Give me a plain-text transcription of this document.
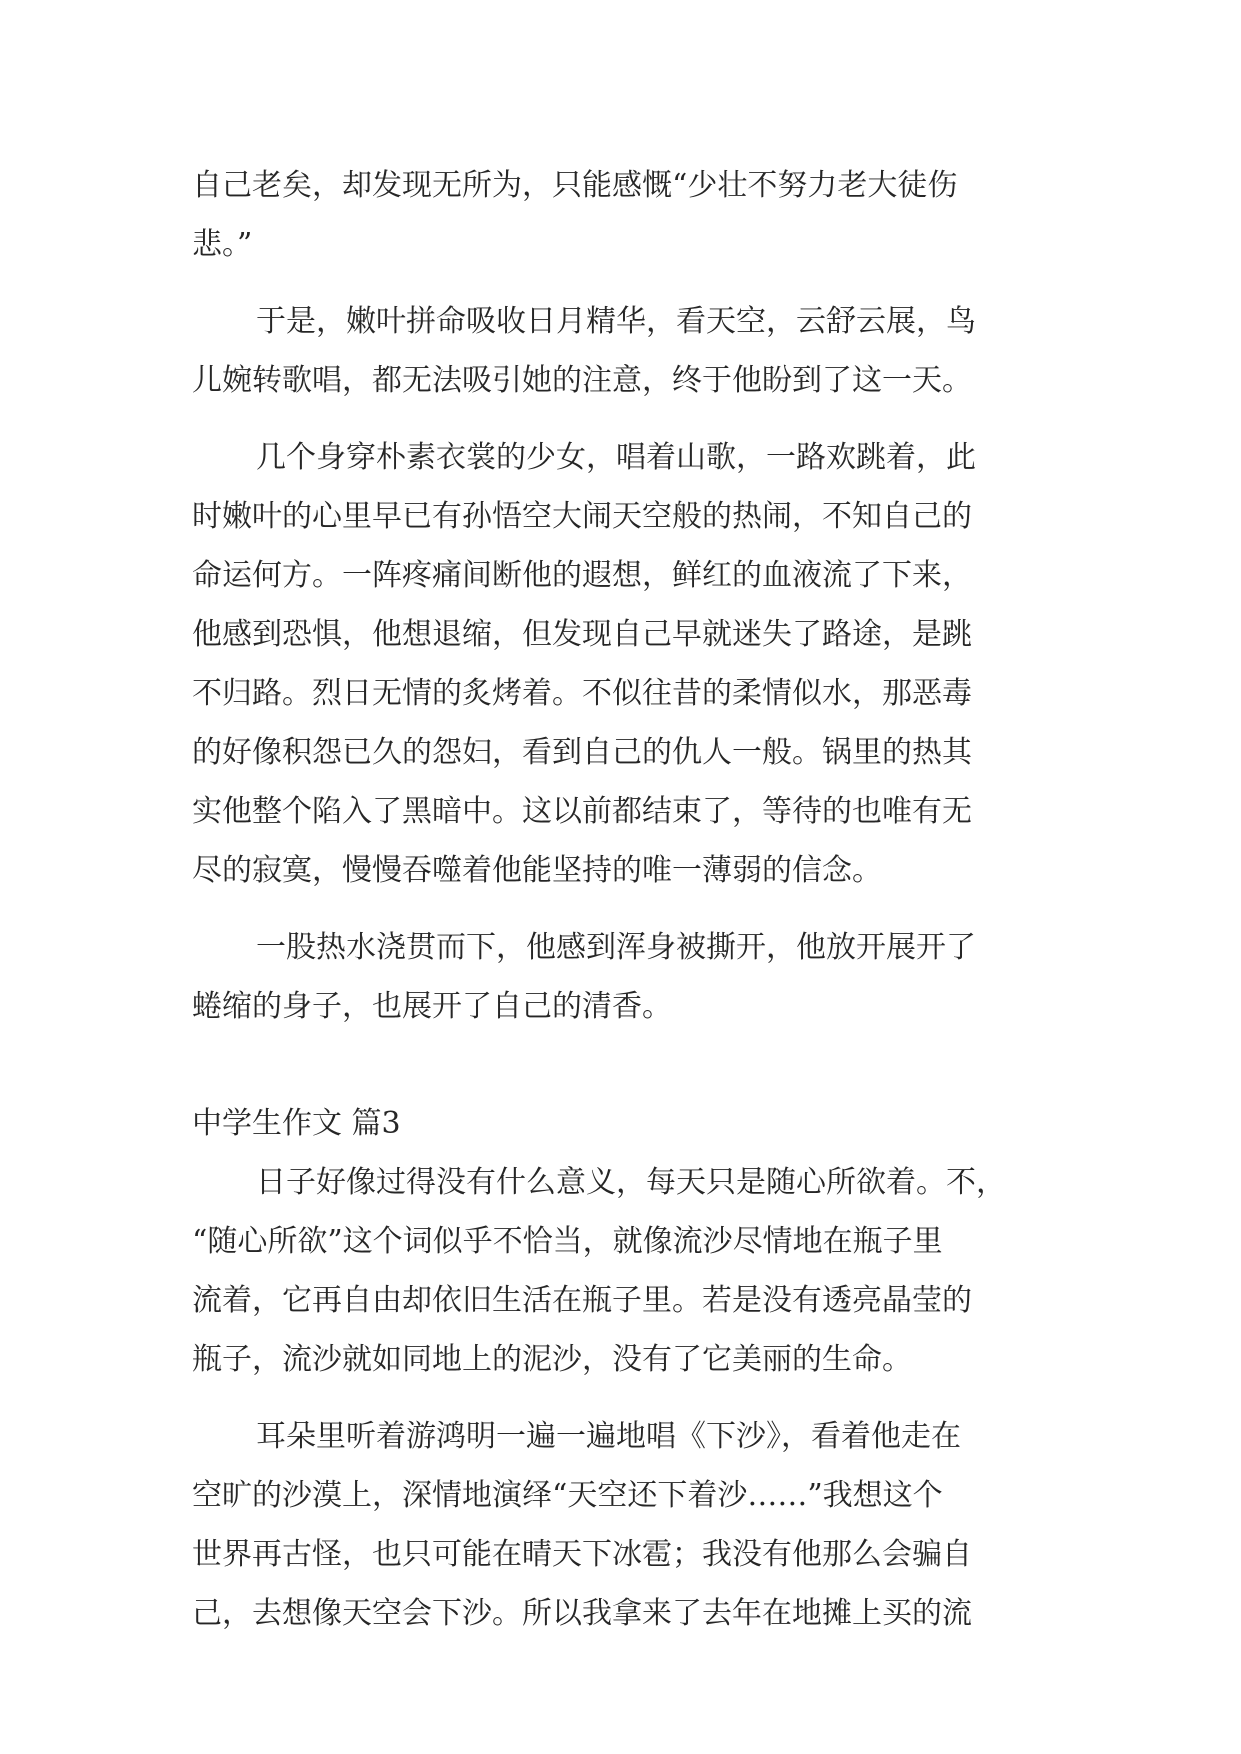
自己老矣，却发现无所为，只能感慨“少壮不努力老大徒伤
悲。”
于是，嫩叶拼命吸收日月精华，看天空，云舒云展，鸟
儿婉转歌唱，都无法吸引她的注意，终于他盼到了这一天。
几个身穿朴素衣裳的少女，唱着山歌，一路欢跳着，此
时嫩叶的心里早已有孙悟空大闹天空般的热闹，不知自己的
命运何方。一阵疼痛间断他的遐想，鲜红的血液流了下来，
他感到恐惧，他想退缩，但发现自己早就迷失了路途，是跳
不归路。烈日无情的炙烤着。不似往昔的柔情似水，那恶毒
的好像积怨已久的怨妇，看到自己的仇人一般。锅里的热其
实他整个陷入了黑暗中。这以前都结束了，等待的也唯有无
尽的寂寞，慢慢吞噬着他能坚持的唯一薄弱的信念。
一股热水浇贯而下，他感到浑身被撕开，他放开展开了
蜷缩的身子，也展开了自己的清香。
中学生作文 篇3
日子好像过得没有什么意义，每天只是随心所欲着。不，
“随心所欲”这个词似乎不恰当，就像流沙尽情地在瓶子里
流着，它再自由却依旧生活在瓶子里。若是没有透亮晶莹的
瓶子，流沙就如同地上的泥沙，没有了它美丽的生命。
耳朵里听着游鸿明一遍一遍地唱《下沙》，看着他走在
空旷的沙漠上，深情地演绎“天空还下着沙……”我想这个
世界再古怪，也只可能在晴天下冰雹；我没有他那么会骗自
己，去想像天空会下沙。所以我拿来了去年在地摊上买的流
